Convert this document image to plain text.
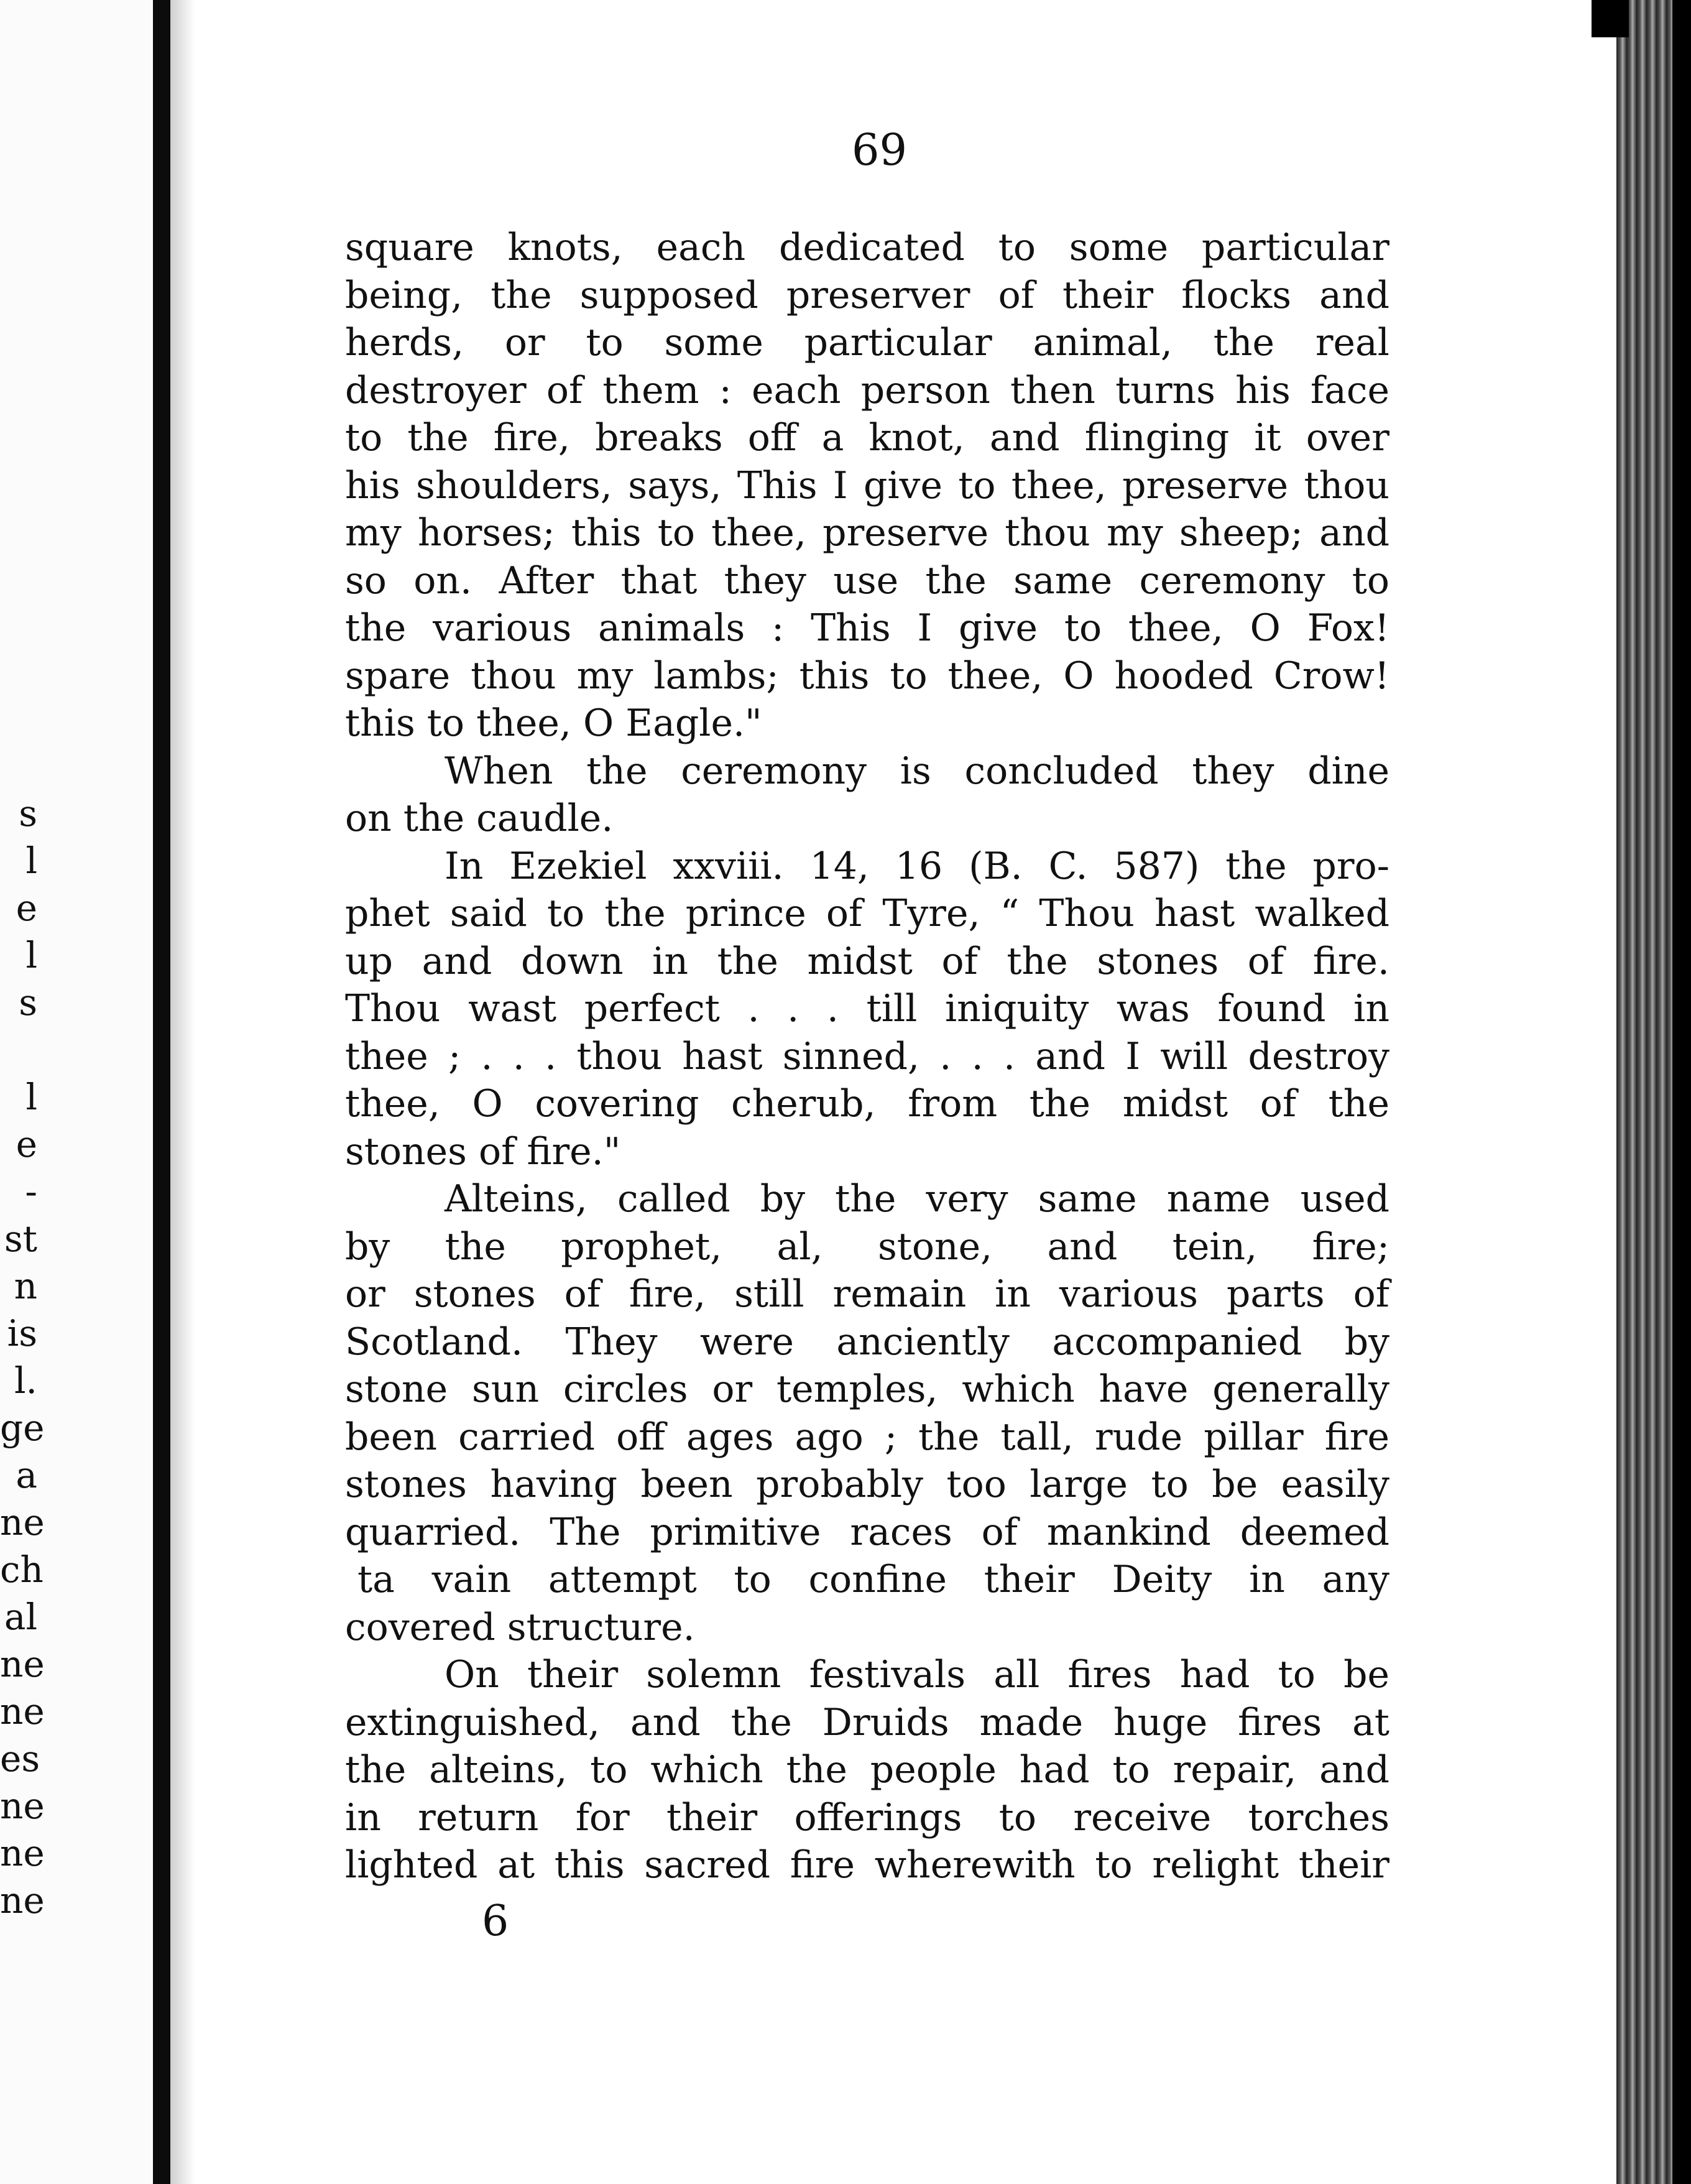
s
l
e
l
s
l
e
-
st
n
is
l.
ge
a
ne
ch
al
ne
ne
es
ne
ne
ne
69
square knots, each dedicated to some particular
being, the supposed preserver of their flocks and
herds, or to some particular animal, the real
destroyer of them : each person then turns his face
to the fire, breaks off a knot, and flinging it over
his shoulders, says, This I give to thee, preserve thou
my horses; this to thee, preserve thou my sheep; and
so on. After that they use the same ceremony to
the various animals : This I give to thee, O Fox!
spare thou my lambs; this to thee, O hooded Crow!
this to thee, O Eagle."
When the ceremony is concluded they dine
on the caudle.
In Ezekiel xxviii. 14, 16 (B. C. 587) the pro-
phet said to the prince of Tyre, “ Thou hast walked
up and down in the midst of the stones of fire.
Thou wast perfect . . . till iniquity was found in
thee ; . . . thou hast sinned, . . . and I will destroy
thee, O covering cherub, from the midst of the
stones of fire."
Alteins, called by the very same name used
by the prophet, al, stone, and tein, fire;
or stones of fire, still remain in various parts of
Scotland. They were anciently accompanied by
stone sun circles or temples, which have generally
been carried off ages ago ; the tall, rude pillar fire
stones having been probably too large to be easily
quarried. The primitive races of mankind deemed
ta vain attempt to confine their Deity in any
covered structure.
On their solemn festivals all fires had to be
extinguished, and the Druids made huge fires at
the alteins, to which the people had to repair, and
in return for their offerings to receive torches
lighted at this sacred fire wherewith to relight their
6
